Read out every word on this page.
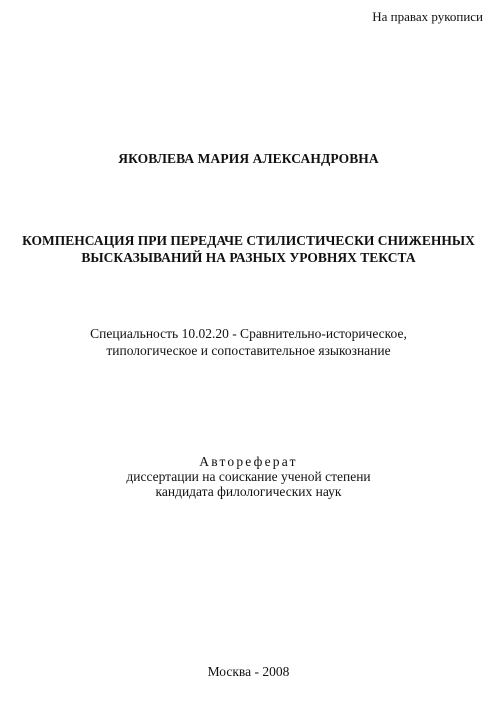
На правах рукописи

ЯКОВЛЕВА МАРИЯ АЛЕКСАНДРОВНА

КОМПЕНСАЦИЯ ПРИ ПЕРЕДАЧЕ СТИЛИСТИЧЕСКИ СНИЖЕННЫХ
ВЫСКАЗЫВАНИЙ НА РАЗНЫХ УРОВНЯХ ТЕКСТА
Специальность 10.02.20 - Сравнительно-историческое,
типологическое и сопоставительное языкознание
Автореферат
диссертации на соискание ученой степени
кандидата филологических наук

Москва - 2008
